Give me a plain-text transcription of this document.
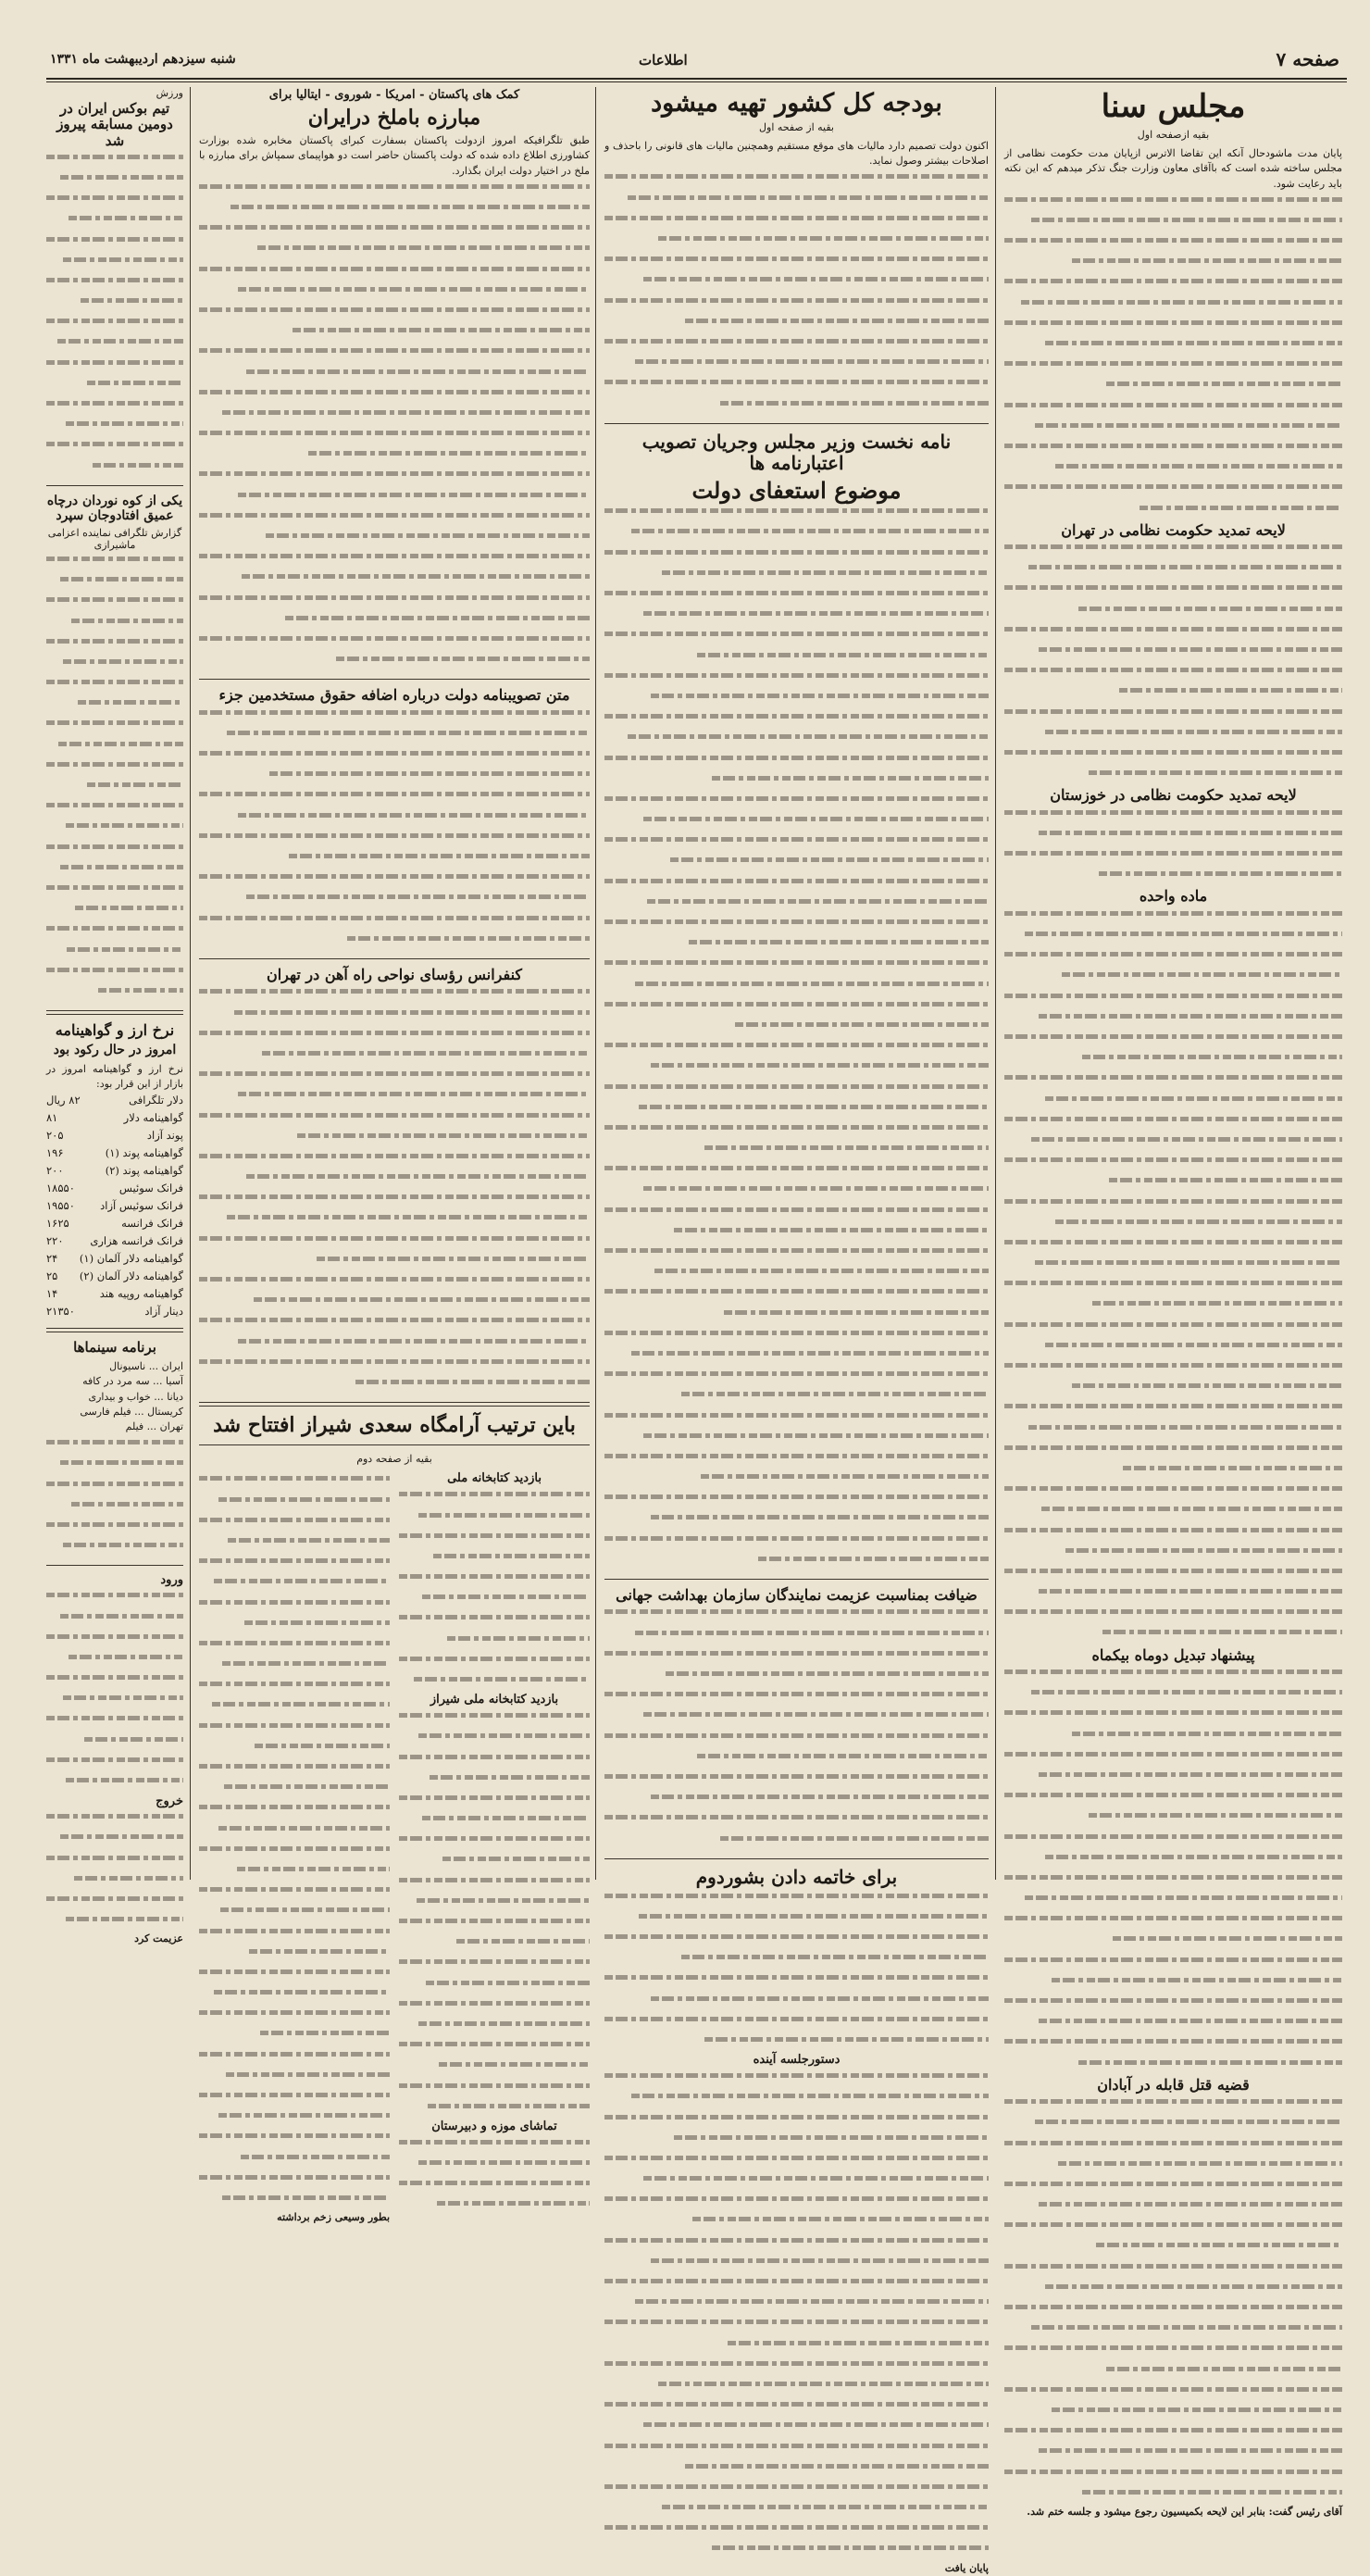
صفحه ۷
اطلاعات
شنبه سیزدهم اردیبهشت ماه ۱۳۳۱
مجلس سنا
بقیه ازصفحه اول
پایان مدت ماشودحال آنکه این تقاضا الاترس ازپایان مدت حکومت نظامی از مجلس ساخته شده است که باآقای معاون وزارت جنگ تذکر میدهم که این نکته باید رعایت شود.

لایحه تمدید حکومت نظامی در تهران

لایحه تمدید حکومت نظامی در خوزستان

ماده واحده

پیشنهاد تبدیل دوماه بیکماه

قضیه قتل قابله در آبادان

آقای رئیس گفت: بنابر این لایحه بکمیسیون رجوع میشود و جلسه ختم شد.
بودجه کل کشور تهیه میشود
بقیه از صفحه اول
اکنون دولت تصمیم دارد مالیات های موقع مستقیم وهمچنین مالیات های قانونی را باحذف و اصلاحات بیشتر وصول نماید.

نامه نخست وزیر مجلس وجریان تصویب اعتبارنامه ها
موضوع استعفای دولت

ضیافت بمناسبت عزیمت نمایندگان سازمان بهداشت جهانی

برای خاتمه دادن بشوردوم

دستورجلسه آینده

پایان یافت
کمک های پاکستان - امریکا - شوروی - ایتالیا برای
مبارزه باملخ درایران
طبق تلگرافیکه امروز ازدولت پاکستان بسفارت کبرای پاکستان مخابره شده بوزارت کشاورزی اطلاع داده شده که دولت پاکستان حاضر است دو هواپیمای سمپاش برای مبارزه با ملخ در اختیار دولت ایران بگذارد.

متن تصویبنامه دولت درباره اضافه حقوق مستخدمین جزء

کنفرانس رؤسای نواحی راه آهن در تهران

باین ترتیب آرامگاه سعدی شیراز افتتاح شد
بقیه از صفحه دوم
بازدید کتابخانه ملی

بازدید کتابخانه ملی شیراز

تماشای موزه و دبیرستان

بطور وسیعی زخم برداشته
ورزش
تیم بوکس ایران در دومین مسابقه پیروز شد

یکی از کوه نوردان درچاه عمیق افتادوجان سپرد
گزارش تلگرافی نماینده اعزامی ماشیرازی

نرخ ارز و گواهینامه
امروز در حال رکود بود
نرخ ارز و گواهینامه امروز در بازار از این قرار بود:
دلار تلگرافی
۸۲ ریال
گواهینامه دلار
۸۱
پوند آزاد
۲۰۵
گواهینامه پوند (۱)
۱۹۶
گواهینامه پوند (۲)
۲۰۰
فرانک سوئیس
۱۸۵۵۰
فرانک سوئیس آزاد
۱۹۵۵۰
فرانک فرانسه
۱۶۲۵
فرانک فرانسه هزاری
۲۲۰
گواهینامه دلار آلمان (۱)
۲۴
گواهینامه دلار آلمان (۲)
۲۵
گواهینامه روپیه هند
۱۴
دینار آزاد
۲۱۳۵۰
برنامه سینماها
ایران ... ناسیونال
آسیا ... سه مرد در کافه
دیانا ... خواب و بیداری
کریستال ... فیلم فارسی
تهران ... فیلم

ورود

خروج

عزیمت کرد
